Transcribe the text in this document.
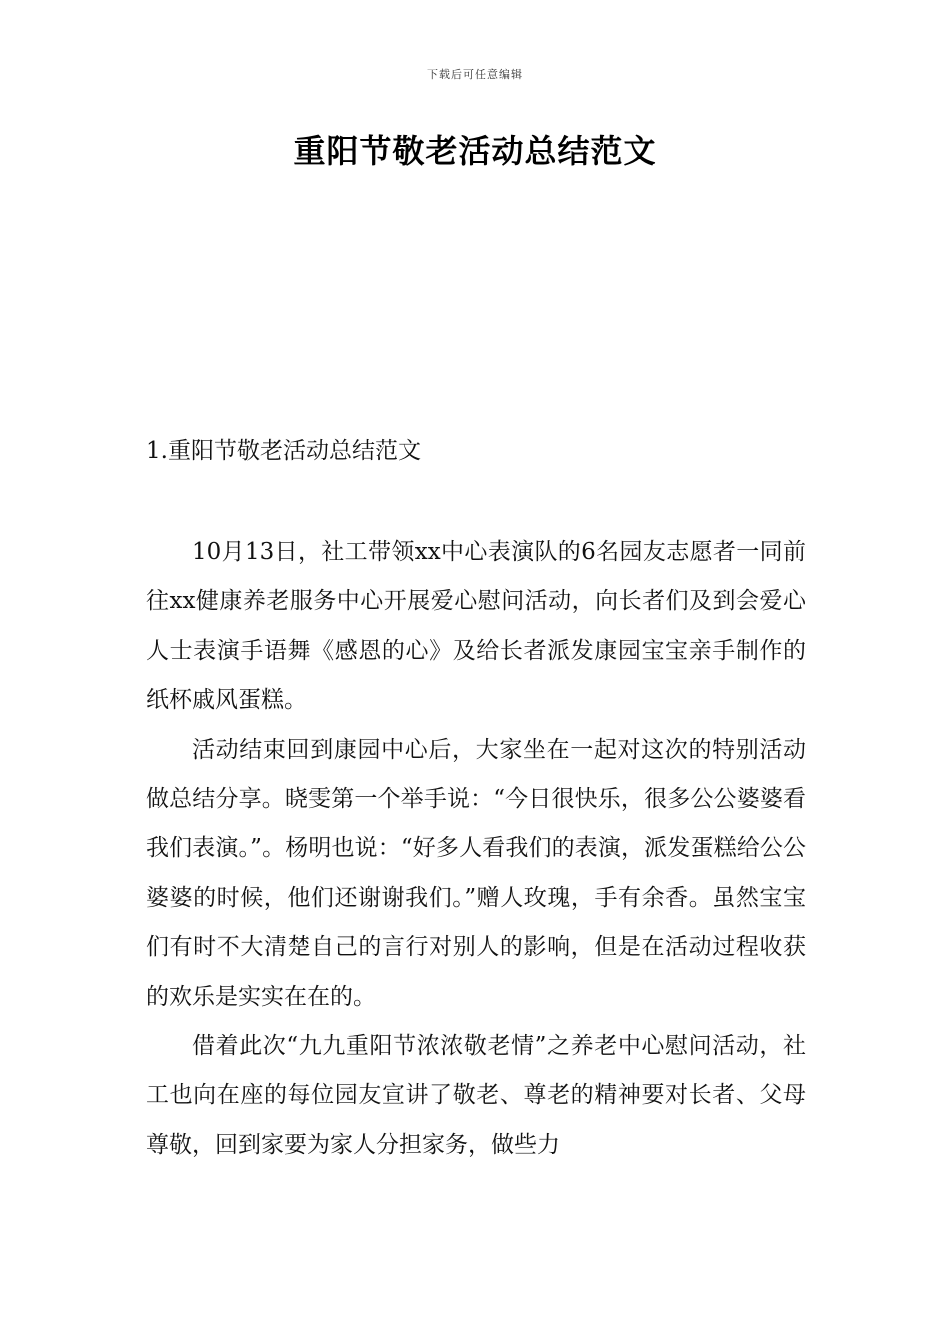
下载后可任意编辑
重阳节敬老活动总结范文
1.重阳节敬老活动总结范文

10月13日，社工带领xx中心表演队的6名园友志愿者一同前往xx健康养老服务中心开展爱心慰问活动，向长者们及到会爱心人士表演手语舞《感恩的心》及给长者派发康园宝宝亲手制作的纸杯戚风蛋糕。

活动结束回到康园中心后，大家坐在一起对这次的特别活动做总结分享。晓雯第一个举手说：“今日很快乐，很多公公婆婆看我们表演。”。杨明也说：“好多人看我们的表演，派发蛋糕给公公婆婆的时候，他们还谢谢我们。”赠人玫瑰，手有余香。虽然宝宝们有时不大清楚自己的言行对别人的影响，但是在活动过程收获的欢乐是实实在在的。

借着此次“九九重阳节浓浓敬老情”之养老中心慰问活动，社工也向在座的每位园友宣讲了敬老、尊老的精神要对长者、父母尊敬，回到家要为家人分担家务，做些力
